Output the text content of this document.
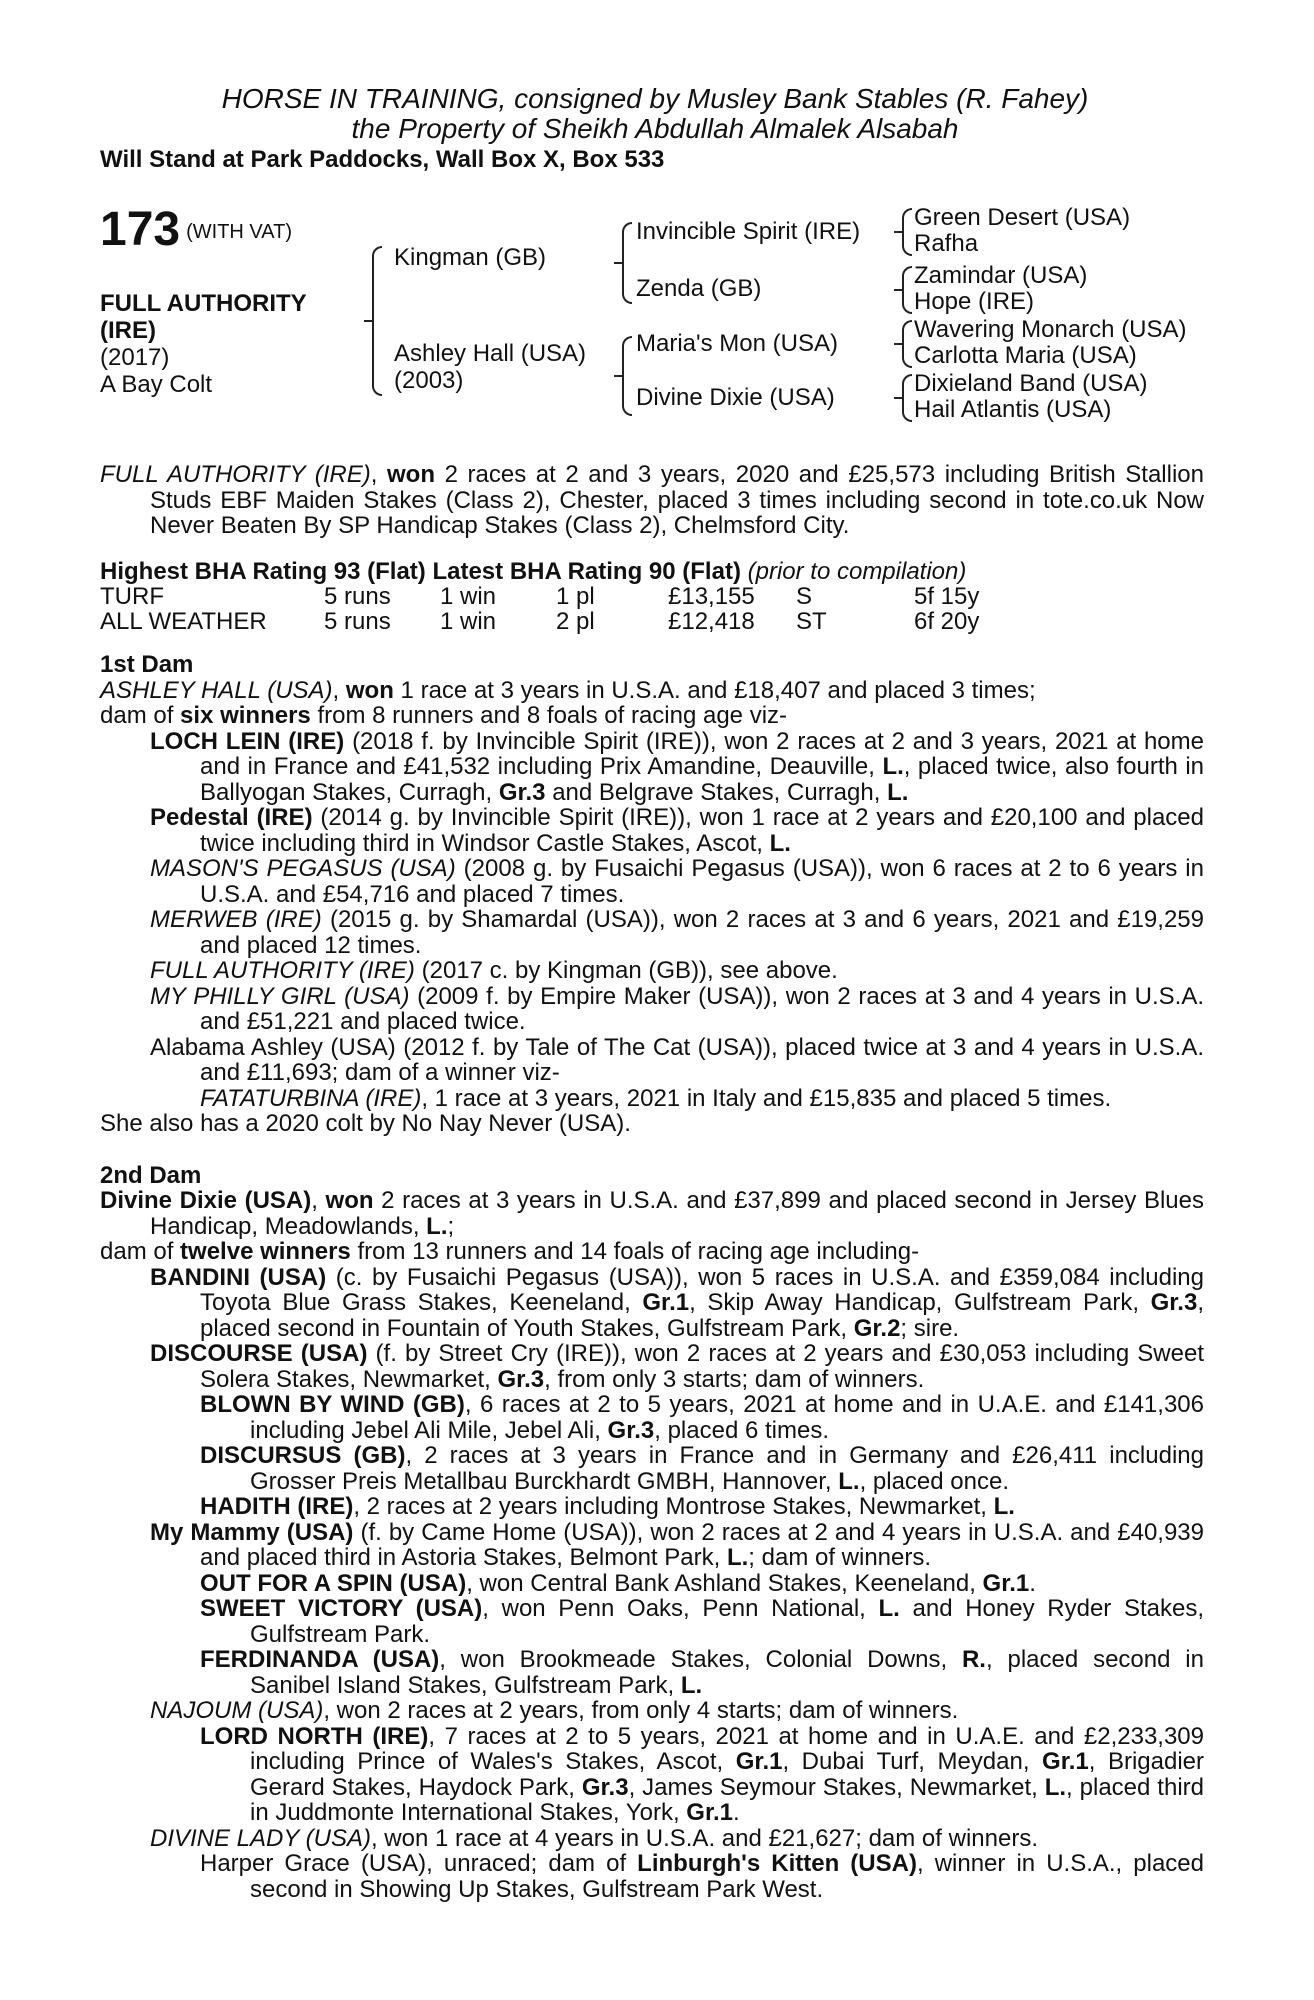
HORSE IN TRAINING, consigned by Musley Bank Stables (R. Fahey)
the Property of Sheikh Abdullah Almalek Alsabah
Will Stand at Park Paddocks, Wall Box X, Box 533
173 (WITH VAT)
FULL AUTHORITY
(IRE)
(2017)
A Bay Colt
Kingman (GB)
Ashley Hall (USA)
(2003)
Invincible Spirit (IRE)
Zenda (GB)
Maria's Mon (USA)
Divine Dixie (USA)
Green Desert (USA)
Rafha
Zamindar (USA)
Hope (IRE)
Wavering Monarch (USA)
Carlotta Maria (USA)
Dixieland Band (USA)
Hail Atlantis (USA)

FULL AUTHORITY (IRE), won 2 races at 2 and 3 years, 2020 and £25,573 including British Stallion Studs EBF Maiden Stakes (Class 2), Chester, placed 3 times including second in tote.co.uk Now Never Beaten By SP Handicap Stakes (Class 2), Chelmsford City.

Highest BHA Rating 93 (Flat) Latest BHA Rating 90 (Flat) (prior to compilation)

TURF	5 runs	1 win	1 pl	£13,155	S	5f 15y
ALL WEATHER	5 runs	1 win	2 pl	£12,418	ST	6f 20y

1st Dam

ASHLEY HALL (USA), won 1 race at 3 years in U.S.A. and £18,407 and placed 3 times;

dam of six winners from 8 runners and 8 foals of racing age viz-

LOCH LEIN (IRE) (2018 f. by Invincible Spirit (IRE)), won 2 races at 2 and 3 years, 2021 at home and in France and £41,532 including Prix Amandine, Deauville, L., placed twice, also fourth in Ballyogan Stakes, Curragh, Gr.3 and Belgrave Stakes, Curragh, L.

Pedestal (IRE) (2014 g. by Invincible Spirit (IRE)), won 1 race at 2 years and £20,100 and placed twice including third in Windsor Castle Stakes, Ascot, L.

MASON'S PEGASUS (USA) (2008 g. by Fusaichi Pegasus (USA)), won 6 races at 2 to 6 years in U.S.A. and £54,716 and placed 7 times.

MERWEB (IRE) (2015 g. by Shamardal (USA)), won 2 races at 3 and 6 years, 2021 and £19,259 and placed 12 times.

FULL AUTHORITY (IRE) (2017 c. by Kingman (GB)), see above.

MY PHILLY GIRL (USA) (2009 f. by Empire Maker (USA)), won 2 races at 3 and 4 years in U.S.A. and £51,221 and placed twice.

Alabama Ashley (USA) (2012 f. by Tale of The Cat (USA)), placed twice at 3 and 4 years in U.S.A. and £11,693; dam of a winner viz-

FATATURBINA (IRE), 1 race at 3 years, 2021 in Italy and £15,835 and placed 5 times.

She also has a 2020 colt by No Nay Never (USA).

2nd Dam

Divine Dixie (USA), won 2 races at 3 years in U.S.A. and £37,899 and placed second in Jersey Blues Handicap, Meadowlands, L.;

dam of twelve winners from 13 runners and 14 foals of racing age including-

BANDINI (USA) (c. by Fusaichi Pegasus (USA)), won 5 races in U.S.A. and £359,084 including Toyota Blue Grass Stakes, Keeneland, Gr.1, Skip Away Handicap, Gulfstream Park, Gr.3, placed second in Fountain of Youth Stakes, Gulfstream Park, Gr.2; sire.

DISCOURSE (USA) (f. by Street Cry (IRE)), won 2 races at 2 years and £30,053 including Sweet Solera Stakes, Newmarket, Gr.3, from only 3 starts; dam of winners.

BLOWN BY WIND (GB), 6 races at 2 to 5 years, 2021 at home and in U.A.E. and £141,306 including Jebel Ali Mile, Jebel Ali, Gr.3, placed 6 times.

DISCURSUS (GB), 2 races at 3 years in France and in Germany and £26,411 including Grosser Preis Metallbau Burckhardt GMBH, Hannover, L., placed once.

HADITH (IRE), 2 races at 2 years including Montrose Stakes, Newmarket, L.

My Mammy (USA) (f. by Came Home (USA)), won 2 races at 2 and 4 years in U.S.A. and £40,939 and placed third in Astoria Stakes, Belmont Park, L.; dam of winners.

OUT FOR A SPIN (USA), won Central Bank Ashland Stakes, Keeneland, Gr.1.

SWEET VICTORY (USA), won Penn Oaks, Penn National, L. and Honey Ryder Stakes, Gulfstream Park.

FERDINANDA (USA), won Brookmeade Stakes, Colonial Downs, R., placed second in Sanibel Island Stakes, Gulfstream Park, L.

NAJOUM (USA), won 2 races at 2 years, from only 4 starts; dam of winners.

LORD NORTH (IRE), 7 races at 2 to 5 years, 2021 at home and in U.A.E. and £2,233,309 including Prince of Wales's Stakes, Ascot, Gr.1, Dubai Turf, Meydan, Gr.1, Brigadier Gerard Stakes, Haydock Park, Gr.3, James Seymour Stakes, Newmarket, L., placed third in Juddmonte International Stakes, York, Gr.1.

DIVINE LADY (USA), won 1 race at 4 years in U.S.A. and £21,627; dam of winners.

Harper Grace (USA), unraced; dam of Linburgh's Kitten (USA), winner in U.S.A., placed second in Showing Up Stakes, Gulfstream Park West.
